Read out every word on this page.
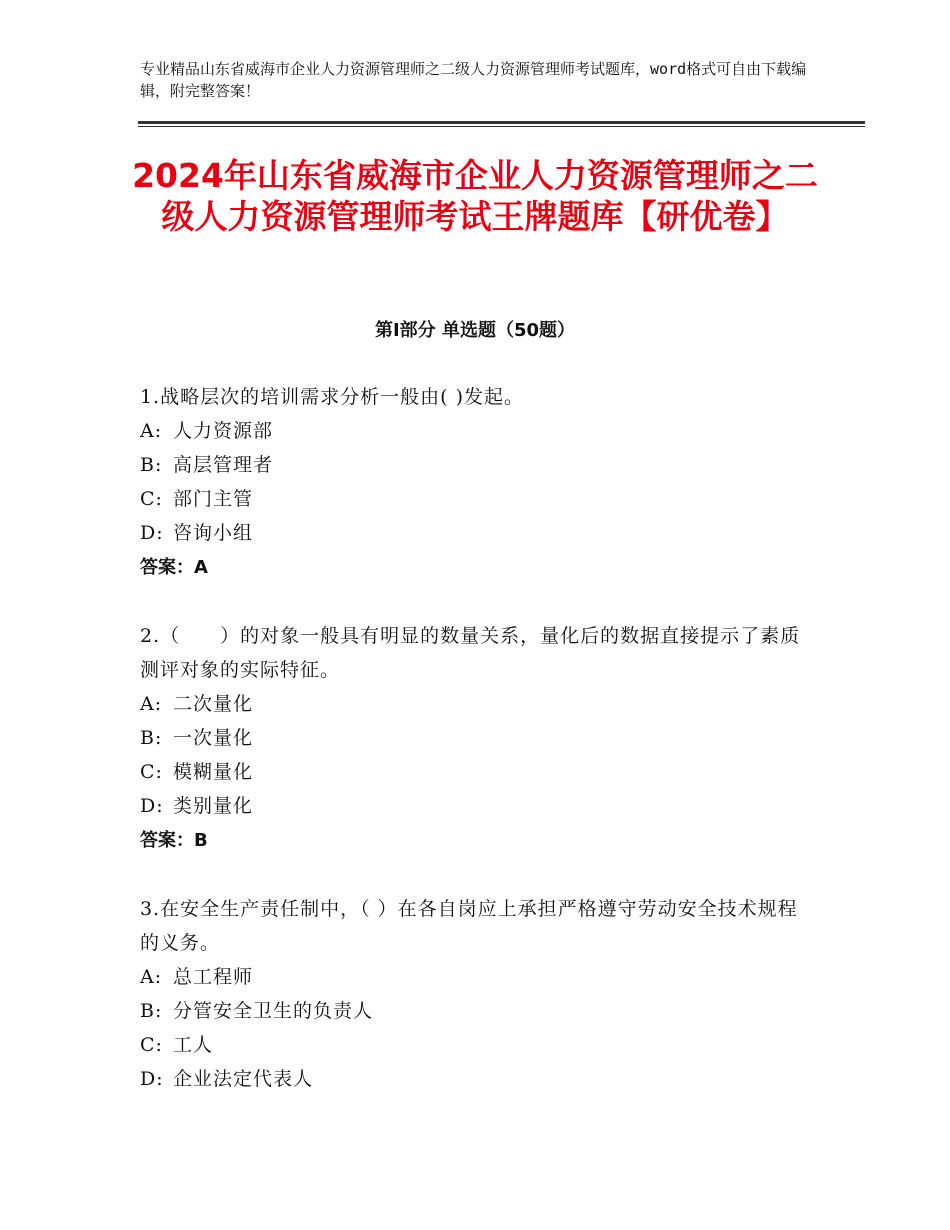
专业精品山东省威海市企业人力资源管理师之二级人力资源管理师考试题库，word格式可自由下载编辑，附完整答案！
2024年山东省威海市企业人力资源管理师之二级人力资源管理师考试王牌题库【研优卷】
第Ⅰ部分 单选题（50题）

1.战略层次的培训需求分析一般由( )发起。

A: 人力资源部

B: 高层管理者

C: 部门主管

D: 咨询小组

答案：A

2.（　　）的对象一般具有明显的数量关系，量化后的数据直接提示了素质测评对象的实际特征。

A: 二次量化

B: 一次量化

C: 模糊量化

D: 类别量化

答案：B

3.在安全生产责任制中，（ ）在各自岗应上承担严格遵守劳动安全技术规程的义务。

A: 总工程师

B: 分管安全卫生的负责人

C: 工人

D: 企业法定代表人
